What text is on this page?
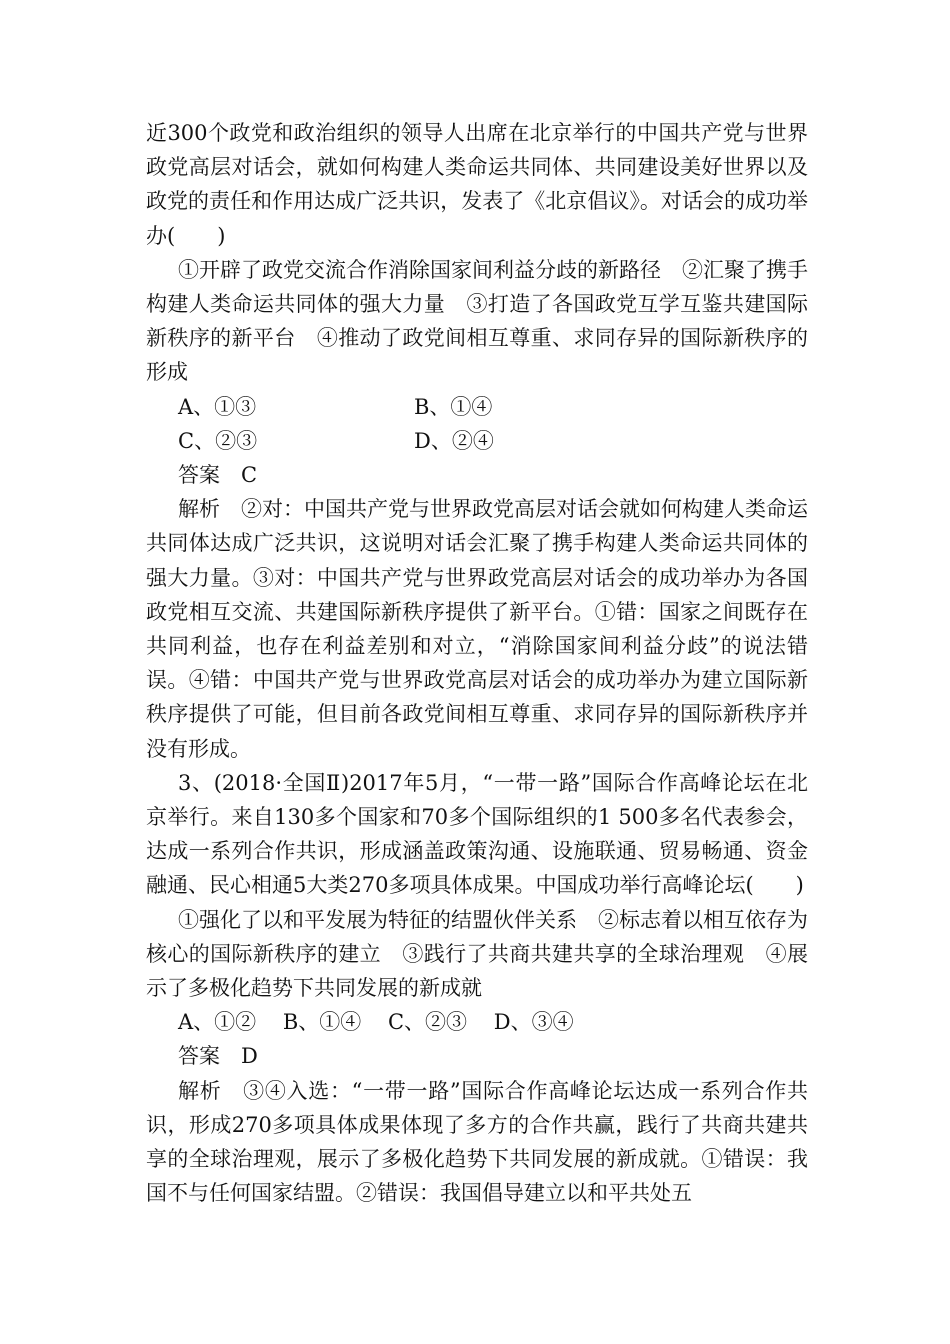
近300个政党和政治组织的领导人出席在北京举行的中国共产党与世界政党高层对话会，就如何构建人类命运共同体、共同建设美好世界以及政党的责任和作用达成广泛共识，发表了《北京倡议》。对话会的成功举办(　　)

①开辟了政党交流合作消除国家间利益分歧的新路径　②汇聚了携手构建人类命运共同体的强大力量　③打造了各国政党互学互鉴共建国际新秩序的新平台　④推动了政党间相互尊重、求同存异的国际新秩序的形成

A、①③	B、①④
C、②③	D、②④

答案　C

解析　②对：中国共产党与世界政党高层对话会就如何构建人类命运共同体达成广泛共识，这说明对话会汇聚了携手构建人类命运共同体的强大力量。③对：中国共产党与世界政党高层对话会的成功举办为各国政党相互交流、共建国际新秩序提供了新平台。①错：国家之间既存在共同利益，也存在利益差别和对立，“消除国家间利益分歧”的说法错误。④错：中国共产党与世界政党高层对话会的成功举办为建立国际新秩序提供了可能，但目前各政党间相互尊重、求同存异的国际新秩序并没有形成。

3、(2018·全国Ⅱ)2017年5月，“一带一路”国际合作高峰论坛在北京举行。来自130多个国家和70多个国际组织的1 500多名代表参会，达成一系列合作共识，形成涵盖政策沟通、设施联通、贸易畅通、资金融通、民心相通5大类270多项具体成果。中国成功举行高峰论坛(　　)

①强化了以和平发展为特征的结盟伙伴关系　②标志着以相互依存为核心的国际新秩序的建立　③践行了共商共建共享的全球治理观　④展示了多极化趋势下共同发展的新成就

A、①② B、①④ C、②③ D、③④

答案　D

解析　③④入选：“一带一路”国际合作高峰论坛达成一系列合作共识，形成270多项具体成果体现了多方的合作共赢，践行了共商共建共享的全球治理观，展示了多极化趋势下共同发展的新成就。①错误：我国不与任何国家结盟。②错误：我国倡导建立以和平共处五
